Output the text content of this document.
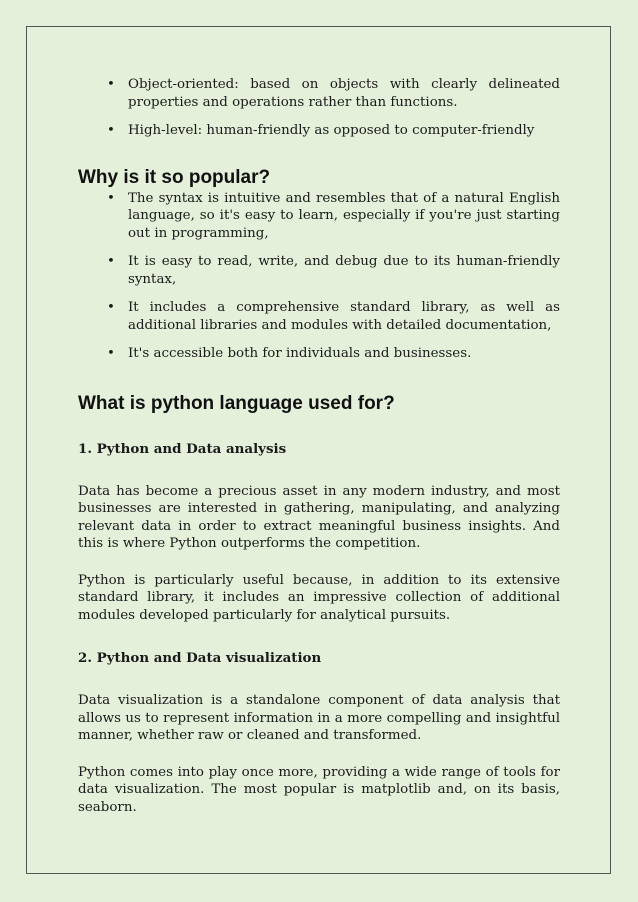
• Object-oriented: based on objects with clearly delineated properties and operations rather than functions.
• High-level: human-friendly as opposed to computer-friendly
Why is it so popular?
• The syntax is intuitive and resembles that of a natural English language, so it's easy to learn, especially if you're just starting out in programming,
• It is easy to read, write, and debug due to its human-friendly syntax,
• It includes a comprehensive standard library, as well as additional libraries and modules with detailed documentation,
• It's accessible both for individuals and businesses.
What is python language used for?
1. Python and Data analysis

Data has become a precious asset in any modern industry, and most businesses are interested in gathering, manipulating, and analyzing relevant data in order to extract meaningful business insights. And this is where Python outperforms the competition.

Python is particularly useful because, in addition to its extensive standard library, it includes an impressive collection of additional modules developed particularly for analytical pursuits.

2. Python and Data visualization

Data visualization is a standalone component of data analysis that allows us to represent information in a more compelling and insightful manner, whether raw or cleaned and transformed.

Python comes into play once more, providing a wide range of tools for data visualization. The most popular is matplotlib and, on its basis, seaborn.
